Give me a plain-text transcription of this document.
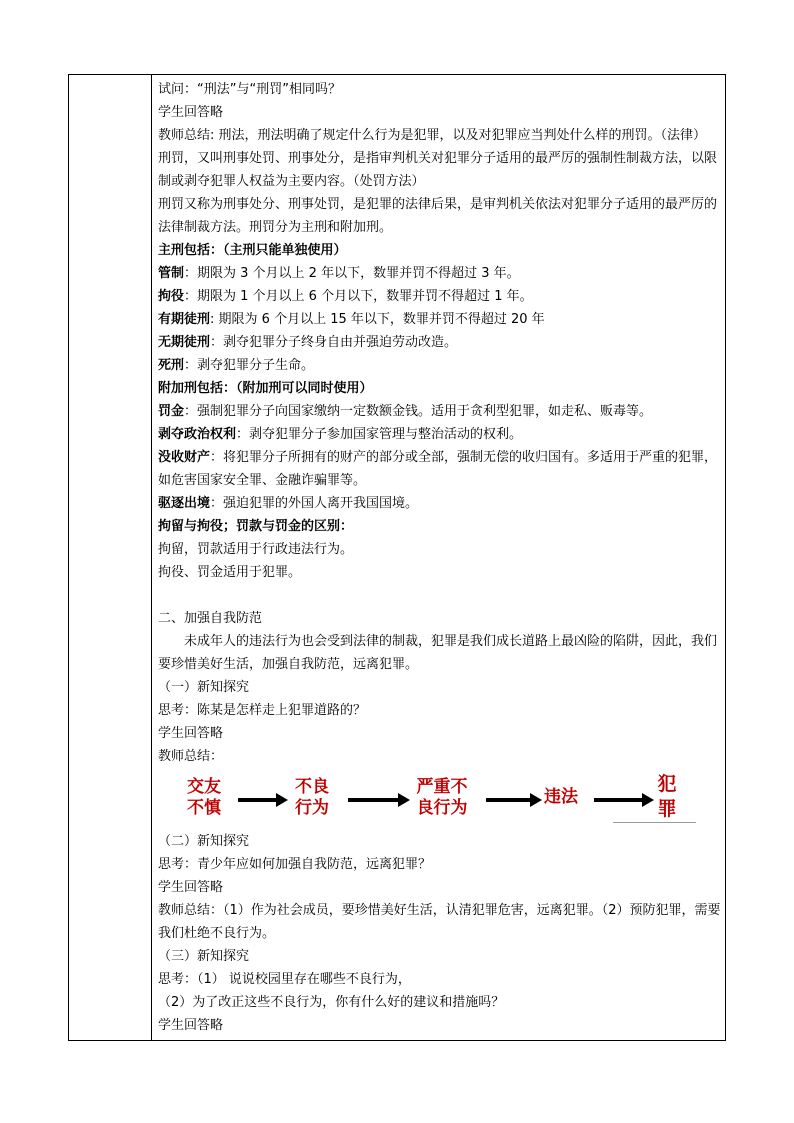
试问：“刑法”与“刑罚”相同吗？
学生回答略
教师总结: 刑法，刑法明确了规定什么行为是犯罪，以及对犯罪应当判处什么样的刑罚。（法律）
刑罚，又叫刑事处罚、刑事处分，是指审判机关对犯罪分子适用的最严厉的强制性制裁方法，以限制或剥夺犯罪人权益为主要内容。（处罚方法）
刑罚又称为刑事处分、刑事处罚，是犯罪的法律后果，是审判机关依法对犯罪分子适用的最严厉的法律制裁方法。刑罚分为主刑和附加刑。
主刑包括：（主刑只能单独使用）
管制：期限为 3 个月以上 2 年以下，数罪并罚不得超过 3 年。
拘役：期限为 1 个月以上 6 个月以下，数罪并罚不得超过 1 年。
有期徒刑: 期限为 6 个月以上 15 年以下，数罪并罚不得超过 20 年
无期徒刑：剥夺犯罪分子终身自由并强迫劳动改造。
死刑：剥夺犯罪分子生命。
附加刑包括：（附加刑可以同时使用）
罚金：强制犯罪分子向国家缴纳一定数额金钱。适用于贪利型犯罪，如走私、贩毒等。
剥夺政治权利：剥夺犯罪分子参加国家管理与整治活动的权利。
没收财产：将犯罪分子所拥有的财产的部分或全部，强制无偿的收归国有。多适用于严重的犯罪，如危害国家安全罪、金融诈骗罪等。
驱逐出境：强迫犯罪的外国人离开我国国境。
拘留与拘役；罚款与罚金的区别：
拘留，罚款适用于行政违法行为。
拘役、罚金适用于犯罪。
二、加强自我防范
未成年人的违法行为也会受到法律的制裁，犯罪是我们成长道路上最凶险的陷阱，因此，我们要珍惜美好生活，加强自我防范，远离犯罪。
（一）新知探究
思考：陈某是怎样走上犯罪道路的？
学生回答略
教师总结：
交友
不慎
不良
行为
严重不
良行为
违法
犯
罪
（二）新知探究
思考：青少年应如何加强自我防范，远离犯罪？
学生回答略
教师总结：（1）作为社会成员，要珍惜美好生活，认清犯罪危害，远离犯罪。（2）预防犯罪，需要我们杜绝不良行为。
（三）新知探究
思考：（1） 说说校园里存在哪些不良行为，
（2）为了改正这些不良行为，你有什么好的建议和措施吗？
学生回答略
